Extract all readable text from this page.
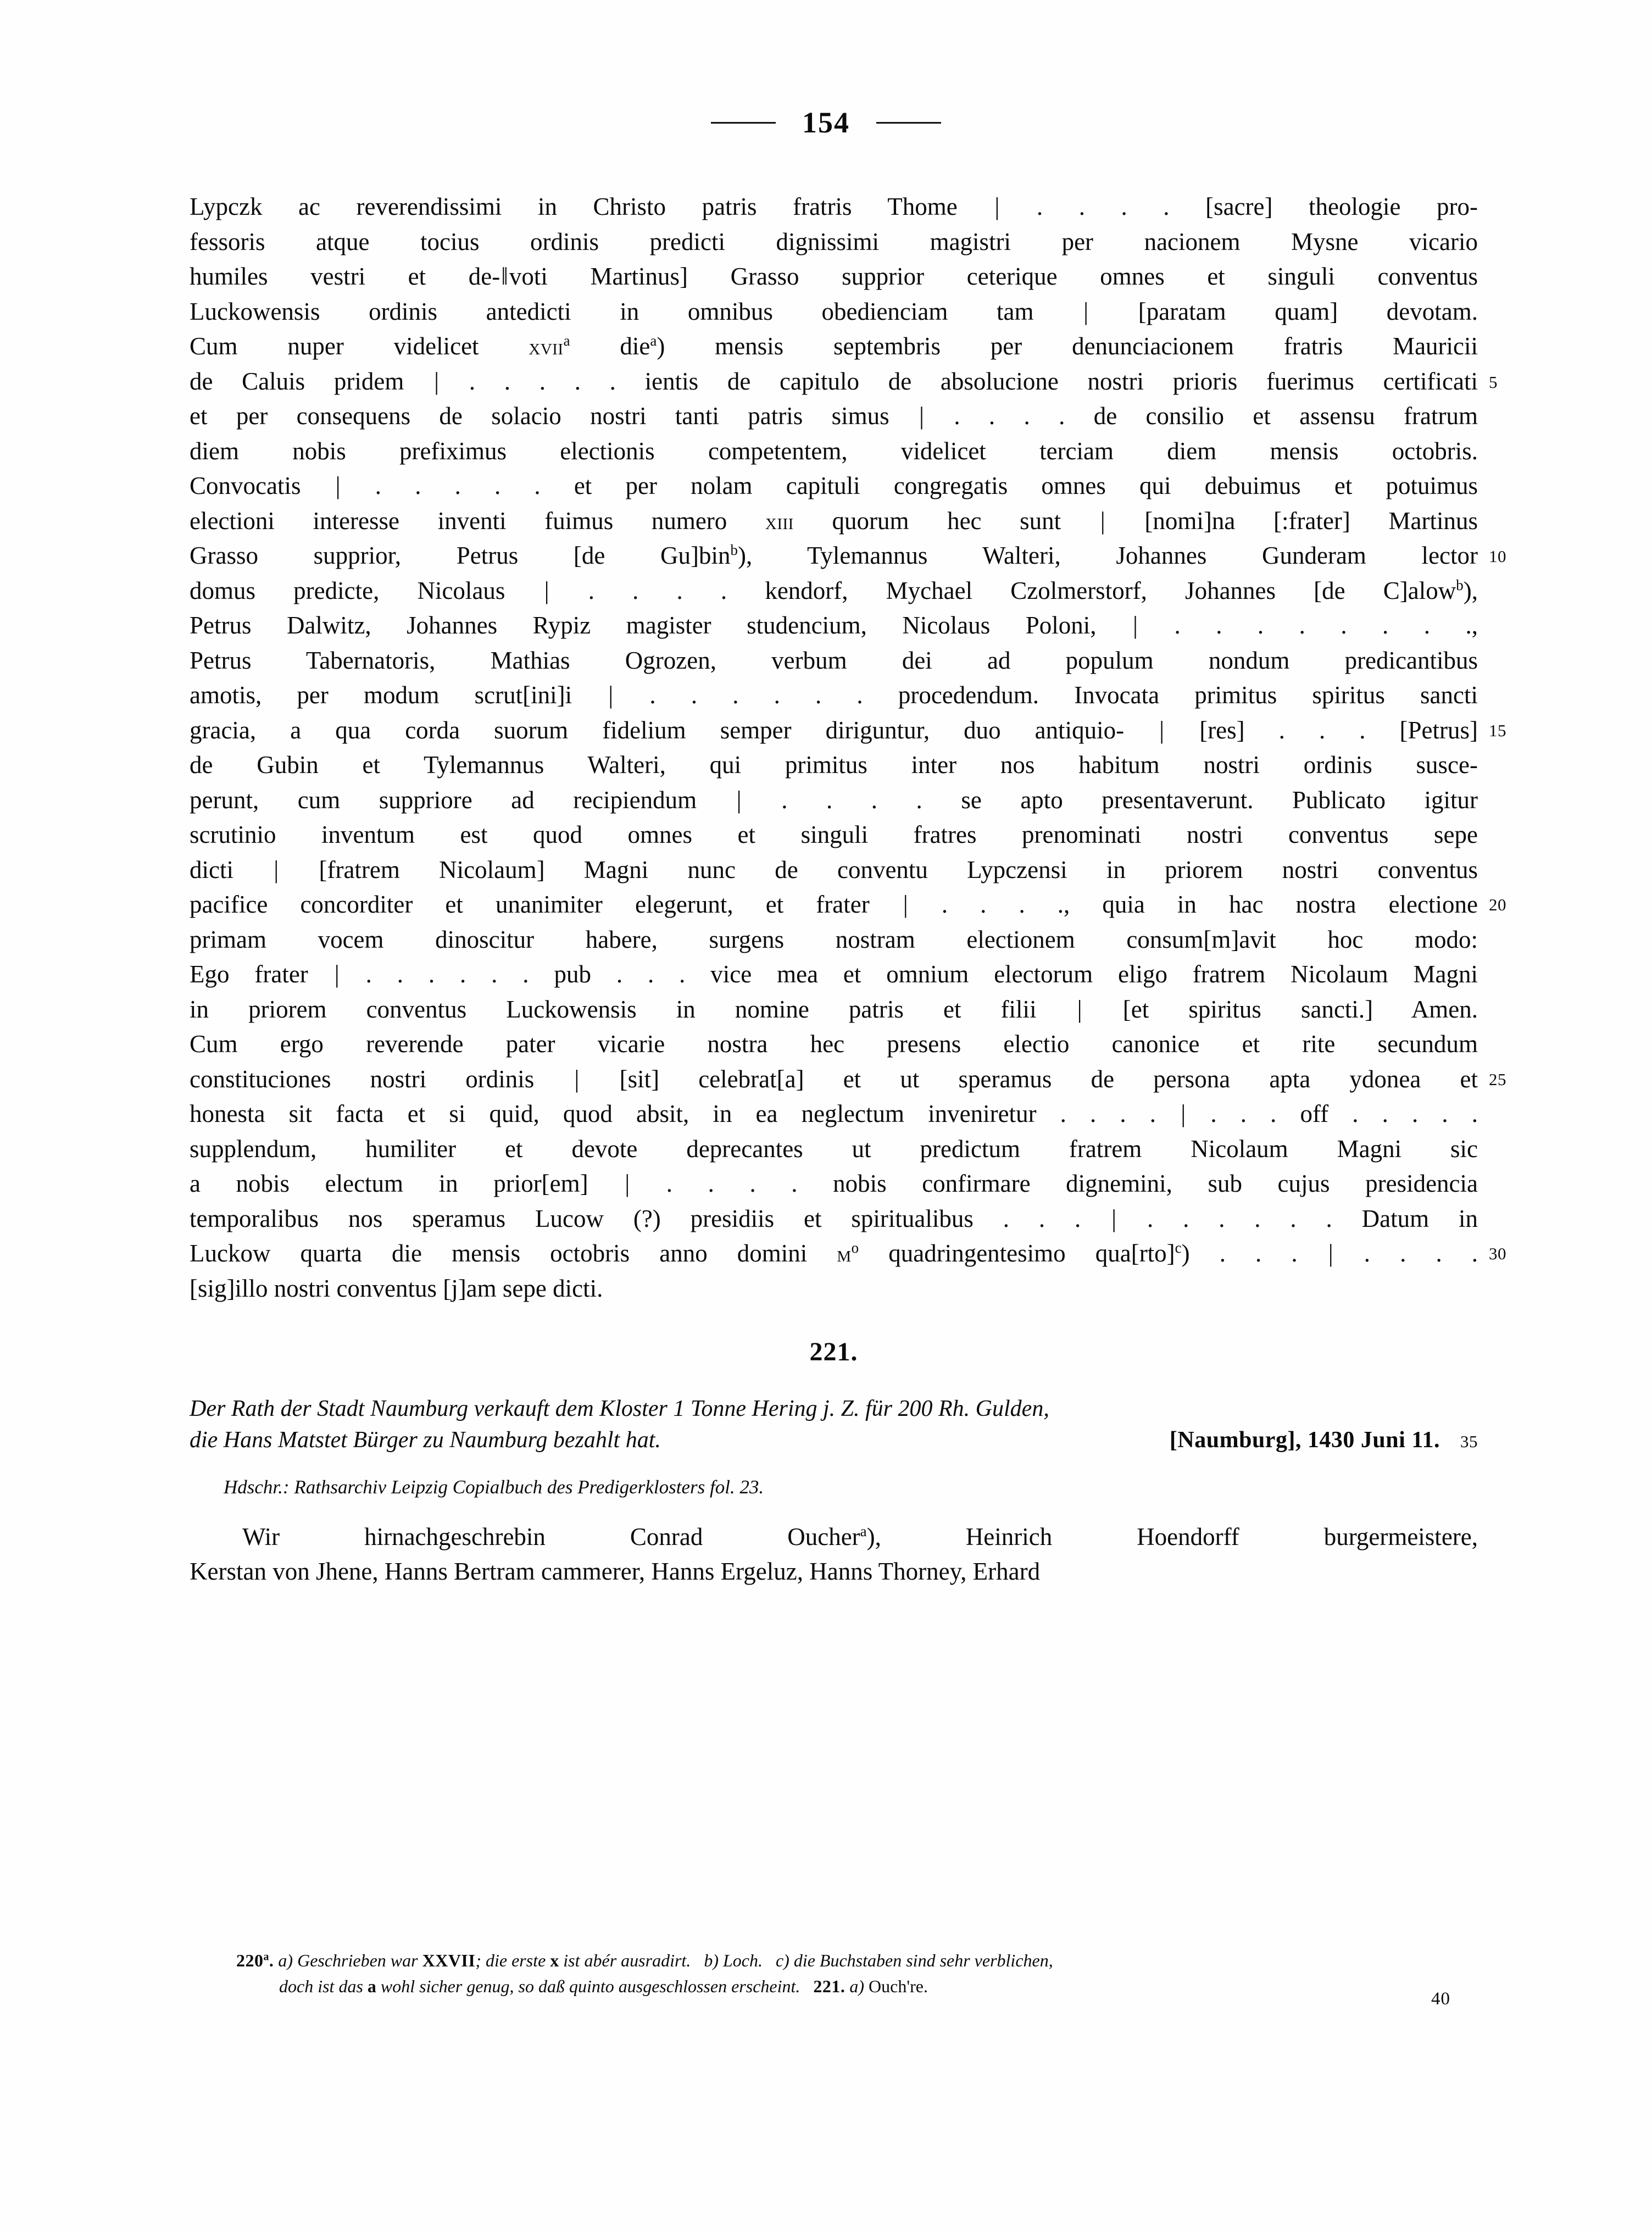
154
Lypczk ac reverendissimi in Christo patris fratris Thome | . . . . [sacre] theologie pro-
fessoris atque tocius ordinis predicti dignissimi magistri per nacionem Mysne vicario
humiles vestri et de-‖voti Martinus] Grasso supprior ceterique omnes et singuli conventus
Luckowensis ordinis antedicti in omnibus obedienciam tam | [paratam quam] devotam.
Cum nuper videlicet xvii$^a$ die$^a$) mensis septembris per denunciacionem fratris Mauricii
5
de Caluis pridem | . . . . . ientis de capitulo de absolucione nostri prioris fuerimus certificati
et per consequens de solacio nostri tanti patris simus | . . . . de consilio et assensu fratrum
diem nobis prefiximus electionis competentem, videlicet terciam diem mensis octobris.
Convocatis | . . . . . et per nolam capituli congregatis omnes qui debuimus et potuimus
electioni interesse inventi fuimus numero xiii quorum hec sunt | [nomi]na [:frater] Martinus
10
Grasso supprior, Petrus [de Gu]bin$^b$), Tylemannus Walteri, Johannes Gunderam lector
domus predicte, Nicolaus | . . . . kendorf, Mychael Czolmerstorf, Johannes [de C]alow$^b$),
Petrus Dalwitz, Johannes Rypiz magister studencium, Nicolaus Poloni, | . . . . . . . .,
Petrus Tabernatoris, Mathias Ogrozen, verbum dei ad populum nondum predicantibus
amotis, per modum scrut[ini]i | . . . . . . procedendum. Invocata primitus spiritus sancti
15
gracia, a qua corda suorum fidelium semper diriguntur, duo antiquio- | [res] . . . [Petrus]
de Gubin et Tylemannus Walteri, qui primitus inter nos habitum nostri ordinis susce-
perunt, cum suppriore ad recipiendum | . . . . se apto presentaverunt. Publicato igitur
scrutinio inventum est quod omnes et singuli fratres prenominati nostri conventus sepe
dicti | [fratrem Nicolaum] Magni nunc de conventu Lypczensi in priorem nostri conventus
20
pacifice concorditer et unanimiter elegerunt, et frater | . . . ., quia in hac nostra electione
primam vocem dinoscitur habere, surgens nostram electionem consum[m]avit hoc modo:
Ego frater | . . . . . . pub . . . vice mea et omnium electorum eligo fratrem Nicolaum Magni
in priorem conventus Luckowensis in nomine patris et filii | [et spiritus sancti.] Amen.
Cum ergo reverende pater vicarie nostra hec presens electio canonice et rite secundum
25
constituciones nostri ordinis | [sit] celebrat[a] et ut speramus de persona apta ydonea et
honesta sit facta et si quid, quod absit, in ea neglectum inveniretur . . . . | . . . off . . . . .
supplendum, humiliter et devote deprecantes ut predictum fratrem Nicolaum Magni sic
a nobis electum in prior[em] | . . . . nobis confirmare dignemini, sub cujus presidencia
temporalibus nos speramus Lucow (?) presidiis et spiritualibus . . . | . . . . . . Datum in
30
Luckow quarta die mensis octobris anno domini m$^o$ quadringentesimo qua[rto]$^c$) . . . | . . . .
[sig]illo nostri conventus [j]am sepe dicti.
221.
Der Rath der Stadt Naumburg verkauft dem Kloster 1 Tonne Hering j. Z. für 200 Rh. Gulden,
die Hans Matstet Bürger zu Naumburg bezahlt hat.	[Naumburg], 1430 Juni 11. 35
Hdschr.: Rathsarchiv Leipzig Copialbuch des Predigerklosters fol. 23.
Wir hirnachgeschrebin Conrad Oucher$^a$), Heinrich Hoendorff burgermeistere,
Kerstan von Jhene, Hanns Bertram cammerer, Hanns Ergeluz, Hanns Thorney, Erhard
220$^a$. a) Geschrieben war XXVII; die erste x ist abér ausradirt. b) Loch. c) die Buchstaben sind sehr verblichen,
doch ist das a wohl sicher genug, so daß quinto ausgeschlossen erscheint. 221. a) Ouch're.
40
